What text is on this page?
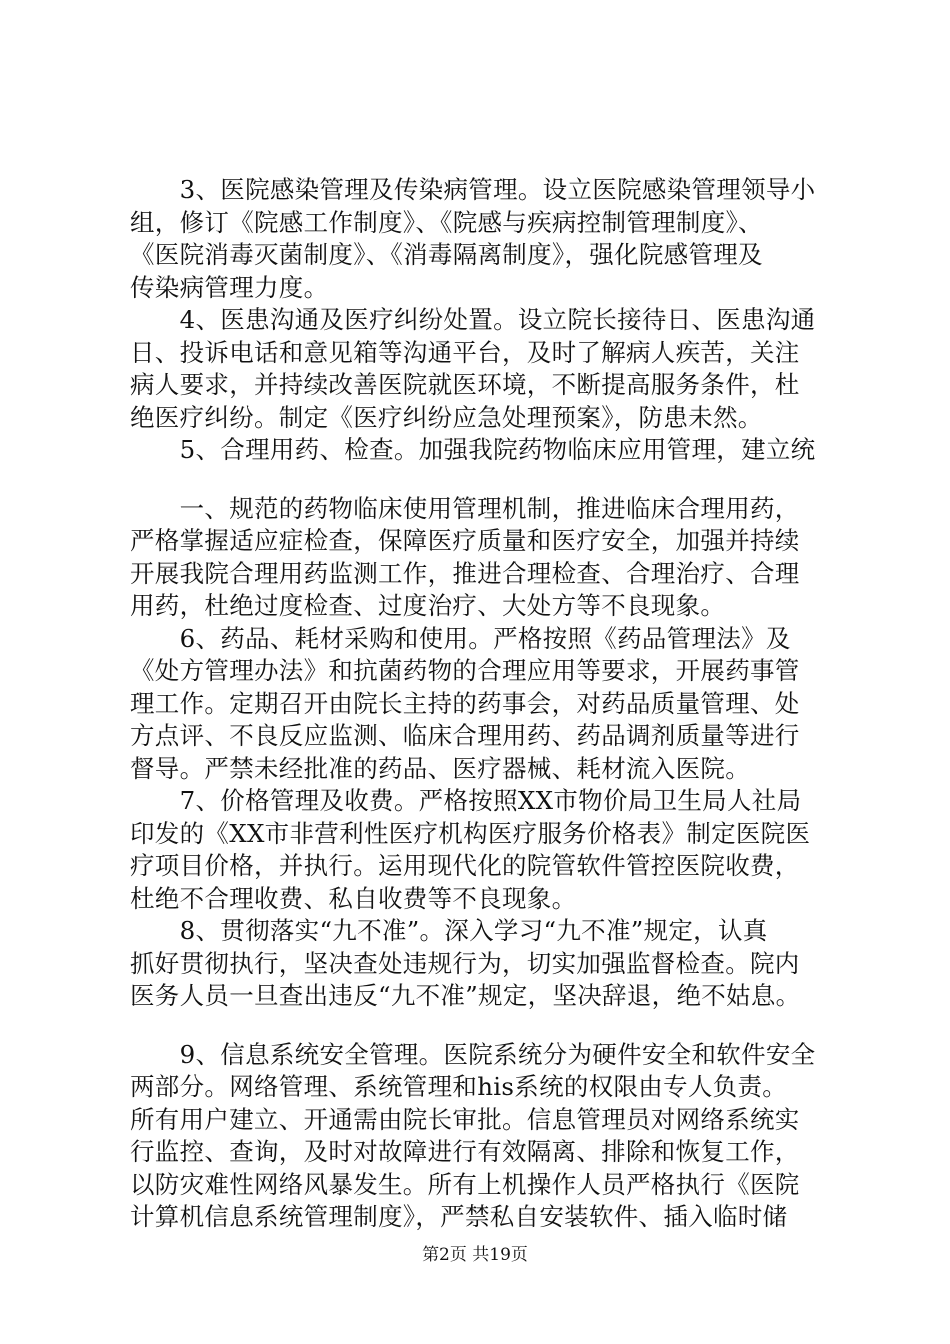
　　3、医院感染管理及传染病管理。设立医院感染管理领导小
组，修订《院感工作制度》、《院感与疾病控制管理制度》、
《医院消毒灭菌制度》、《消毒隔离制度》，强化院感管理及
传染病管理力度。

　　4、医患沟通及医疗纠纷处置。设立院长接待日、医患沟通
日、投诉电话和意见箱等沟通平台，及时了解病人疾苦，关注
病人要求，并持续改善医院就医环境，不断提高服务条件，杜
绝医疗纠纷。制定《医疗纠纷应急处理预案》，防患未然。

　　5、合理用药、检查。加强我院药物临床应用管理，建立统

　　一、规范的药物临床使用管理机制，推进临床合理用药，
严格掌握适应症检查，保障医疗质量和医疗安全，加强并持续
开展我院合理用药监测工作，推进合理检查、合理治疗、合理
用药，杜绝过度检查、过度治疗、大处方等不良现象。

　　6、药品、耗材采购和使用。严格按照《药品管理法》及
《处方管理办法》和抗菌药物的合理应用等要求，开展药事管
理工作。定期召开由院长主持的药事会，对药品质量管理、处
方点评、不良反应监测、临床合理用药、药品调剂质量等进行
督导。严禁未经批准的药品、医疗器械、耗材流入医院。

　　7、价格管理及收费。严格按照XX市物价局卫生局人社局
印发的《XX市非营利性医疗机构医疗服务价格表》制定医院医
疗项目价格，并执行。运用现代化的院管软件管控医院收费，
杜绝不合理收费、私自收费等不良现象。

　　8、贯彻落实“九不准”。深入学习“九不准”规定，认真
抓好贯彻执行，坚决查处违规行为，切实加强监督检查。院内
医务人员一旦查出违反“九不准”规定，坚决辞退，绝不姑息。

　　9、信息系统安全管理。医院系统分为硬件安全和软件安全
两部分。网络管理、系统管理和his系统的权限由专人负责。
所有用户建立、开通需由院长审批。信息管理员对网络系统实
行监控、查询，及时对故障进行有效隔离、排除和恢复工作，
以防灾难性网络风暴发生。所有上机操作人员严格执行《医院
计算机信息系统管理制度》，严禁私自安装软件、插入临时储

第2页 共19页
